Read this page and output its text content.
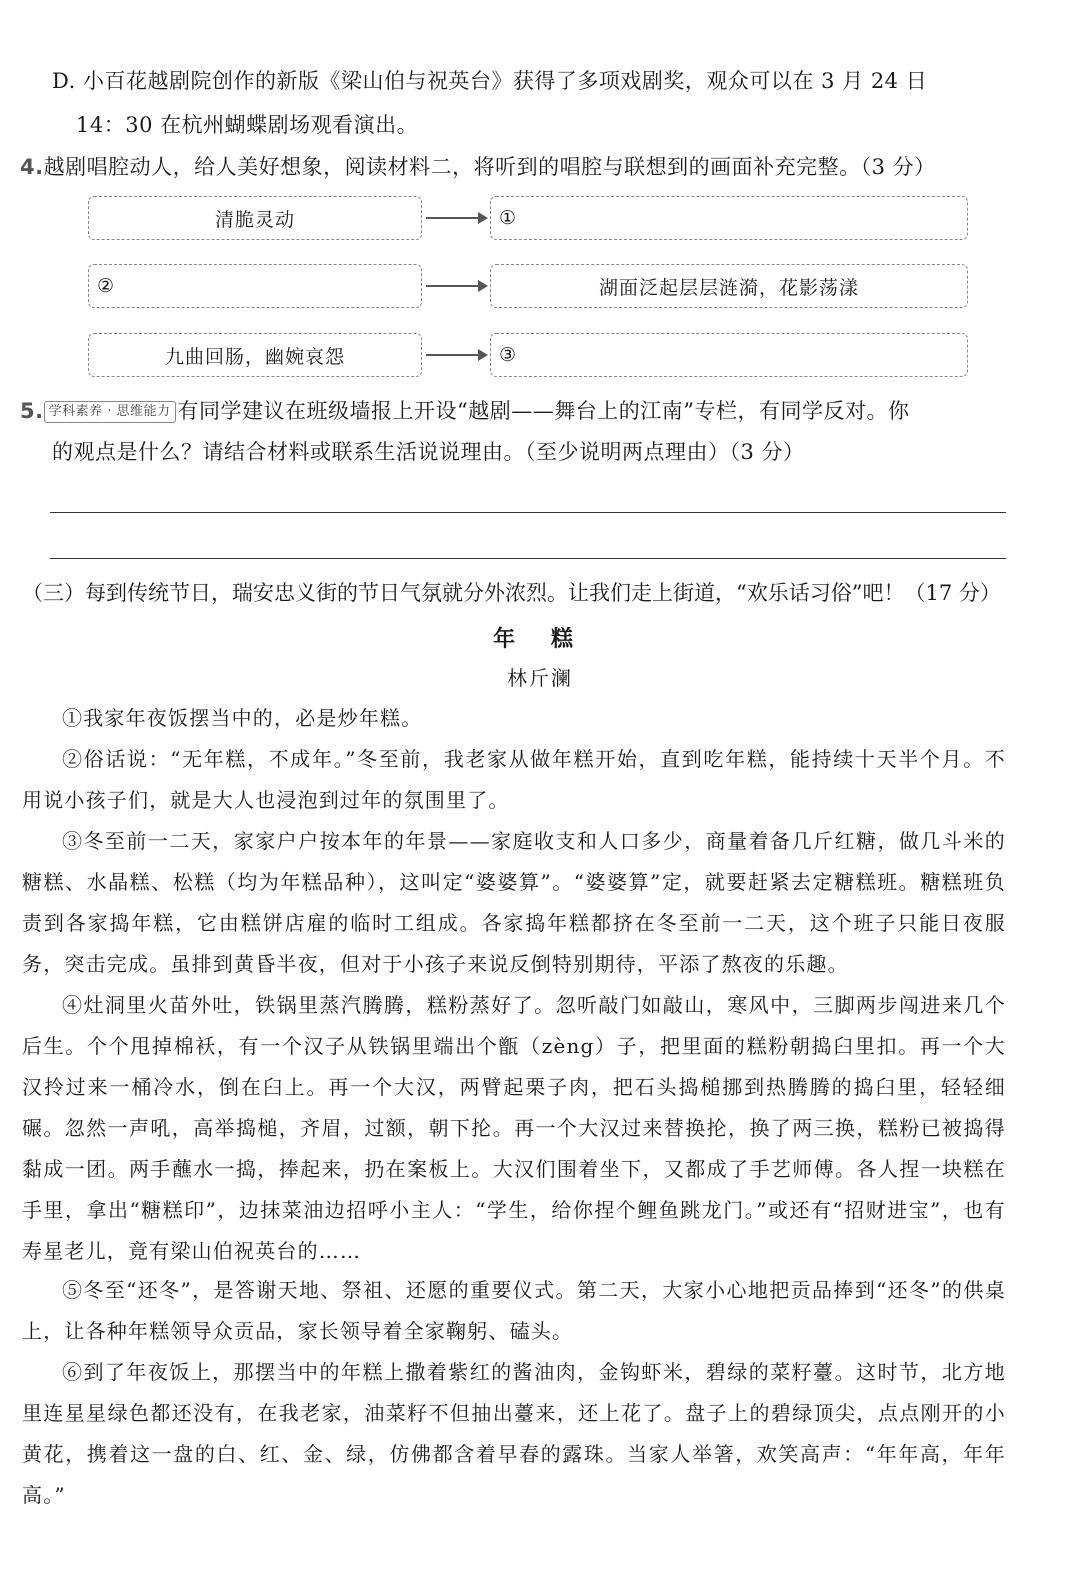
D. 小百花越剧院创作的新版《梁山伯与祝英台》获得了多项戏剧奖，观众可以在 3 月 24 日
14：30 在杭州蝴蝶剧场观看演出。
4.越剧唱腔动人，给人美好想象，阅读材料二，将听到的唱腔与联想到的画面补充完整。（3 分）
清脆灵动	①
②	湖面泛起层层涟漪，花影荡漾
九曲回肠，幽婉哀怨	③
5. 学科素养 · 思维能力 有同学建议在班级墙报上开设“越剧——舞台上的江南”专栏，有同学反对。你
的观点是什么？请结合材料或联系生活说说理由。（至少说明两点理由）（3 分）
（三）每到传统节日，瑞安忠义街的节日气氛就分外浓烈。让我们走上街道，“欢乐话习俗”吧！（17 分）
年 糕
林斤澜
①我家年夜饭摆当中的，必是炒年糕。
②俗话说：“无年糕，不成年。”冬至前，我老家从做年糕开始，直到吃年糕，能持续十天半个月。不用说小孩子们，就是大人也浸泡到过年的氛围里了。
③冬至前一二天，家家户户按本年的年景——家庭收支和人口多少，商量着备几斤红糖，做几斗米的糖糕、水晶糕、松糕（均为年糕品种），这叫定“婆婆算”。“婆婆算”定，就要赶紧去定糖糕班。糖糕班负责到各家捣年糕，它由糕饼店雇的临时工组成。各家捣年糕都挤在冬至前一二天，这个班子只能日夜服务，突击完成。虽排到黄昏半夜，但对于小孩子来说反倒特别期待，平添了熬夜的乐趣。
④灶洞里火苗外吐，铁锅里蒸汽腾腾，糕粉蒸好了。忽听敲门如敲山，寒风中，三脚两步闯进来几个后生。个个甩掉棉袄，有一个汉子从铁锅里端出个甑（zèng）子，把里面的糕粉朝捣臼里扣。再一个大汉拎过来一桶冷水，倒在臼上。再一个大汉，两臂起栗子肉，把石头捣槌挪到热腾腾的捣臼里，轻轻细碾。忽然一声吼，高举捣槌，齐眉，过额，朝下抡。再一个大汉过来替换抡，换了两三换，糕粉已被捣得黏成一团。两手蘸水一捣，捧起来，扔在案板上。大汉们围着坐下，又都成了手艺师傅。各人捏一块糕在手里，拿出“糖糕印”，边抹菜油边招呼小主人：“学生，给你捏个鲤鱼跳龙门。”或还有“招财进宝”，也有寿星老儿，竟有梁山伯祝英台的……
⑤冬至“还冬”，是答谢天地、祭祖、还愿的重要仪式。第二天，大家小心地把贡品捧到“还冬”的供桌上，让各种年糕领导众贡品，家长领导着全家鞠躬、磕头。
⑥到了年夜饭上，那摆当中的年糕上撒着紫红的酱油肉，金钩虾米，碧绿的菜籽薹。这时节，北方地里连星星绿色都还没有，在我老家，油菜籽不但抽出薹来，还上花了。盘子上的碧绿顶尖，点点刚开的小黄花，携着这一盘的白、红、金、绿，仿佛都含着早春的露珠。当家人举箸，欢笑高声：“年年高，年年高。”
